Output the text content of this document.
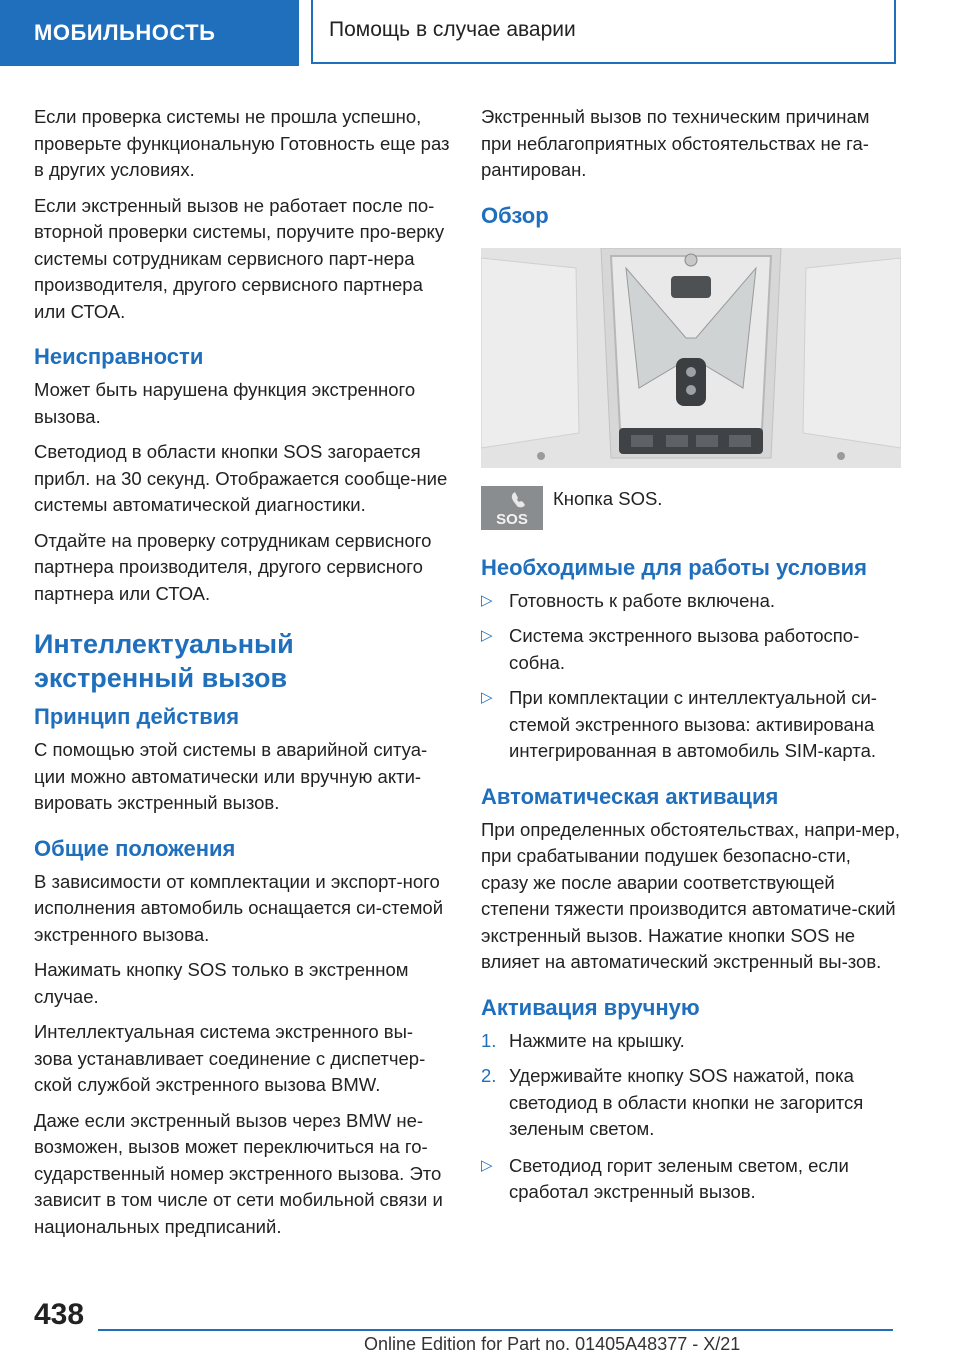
МОБИЛЬНОСТЬ	Помощь в случае аварии

Если проверка системы не прошла успешно, проверьте функциональную Готовность еще раз в других условиях.

Если экстренный вызов не работает после по-вторной проверки системы, поручите про-верку системы сотрудникам сервисного парт-нера производителя, другого сервисного партнера или СТОА.

Неисправности

Может быть нарушена функция экстренного вызова.

Светодиод в области кнопки SOS загорается прибл. на 30 секунд. Отображается сообще-ние системы автоматической диагностики.

Отдайте на проверку сотрудникам сервисного партнера производителя, другого сервисного партнера или СТОА.

Интеллектуальный экстренный вызов
Принцип действия

С помощью этой системы в аварийной ситуа-ции можно автоматически или вручную акти-вировать экстренный вызов.

Общие положения

В зависимости от комплектации и экспорт-ного исполнения автомобиль оснащается си-стемой экстренного вызова.

Нажимать кнопку SOS только в экстренном случае.

Интеллектуальная система экстренного вы-зова устанавливает соединение с диспетчер-ской службой экстренного вызова BMW.

Даже если экстренный вызов через BMW не-возможен, вызов может переключиться на го-сударственный номер экстренного вызова. Это зависит в том числе от сети мобильной связи и национальных предписаний.

Экстренный вызов по техническим причинам при неблагоприятных обстоятельствах не га-рантирован.

Обзор
SOS
Кнопка SOS.
Необходимые для работы условия
▷ Готовность к работе включена.
▷ Система экстренного вызова работоспо-собна.
▷ При комплектации с интеллектуальной си-стемой экстренного вызова: активирована интегрированная в автомобиль SIM-карта.
Автоматическая активация

При определенных обстоятельствах, напри-мер, при срабатывании подушек безопасно-сти, сразу же после аварии соответствующей степени тяжести производится автоматиче-ский экстренный вызов. Нажатие кнопки SOS не влияет на автоматический экстренный вы-зов.

Активация вручную
1. Нажмите на крышку.
2. Удерживайте кнопку SOS нажатой, пока светодиод в области кнопки не загорится зеленым светом.
▷ Светодиод горит зеленым светом, если сработал экстренный вызов.
438
Online Edition for Part no. 01405A48377 - X/21
